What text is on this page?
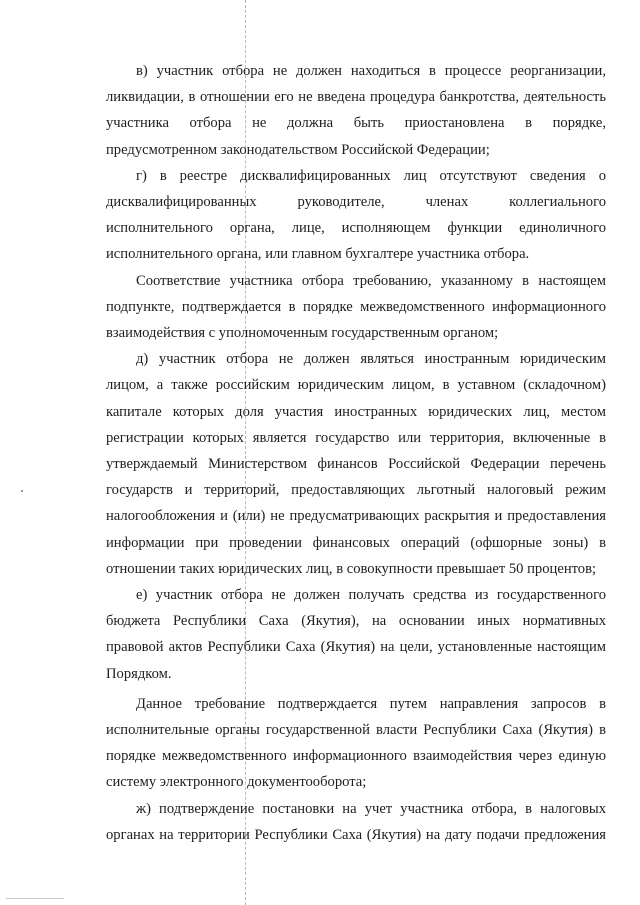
в) участник отбора не должен находиться в процессе реорганизации,

ликвидации, в отношении его не введена процедура банкротства, деятельность

участника отбора не должна быть приостановлена в порядке,

предусмотренном законодательством Российской Федерации;

г) в реестре дисквалифицированных лиц отсутствуют сведения о

дисквалифицированных руководителе, членах коллегиального

исполнительного органа, лице, исполняющем функции единоличного

исполнительного органа, или главном бухгалтере участника отбора.

Соответствие участника отбора требованию, указанному в настоящем

подпункте, подтверждается в порядке межведомственного информационного

взаимодействия с уполномоченным государственным органом;

д) участник отбора не должен являться иностранным юридическим

лицом, а также российским юридическим лицом, в уставном (складочном)

капитале которых доля участия иностранных юридических лиц, местом

регистрации которых является государство или территория, включенные в

утверждаемый Министерством финансов Российской Федерации перечень

государств и территорий, предоставляющих льготный налоговый режим

налогообложения и (или) не предусматривающих раскрытия и предоставления

информации при проведении финансовых операций (офшорные зоны) в

отношении таких юридических лиц, в совокупности превышает 50 процентов;

е) участник отбора не должен получать средства из государственного

бюджета Республики Саха (Якутия), на основании иных нормативных

правовой актов Республики Саха (Якутия) на цели, установленные настоящим

Порядком.

Данное требование подтверждается путем направления запросов в

исполнительные органы государственной власти Республики Саха (Якутия) в

порядке межведомственного информационного взаимодействия через единую

систему электронного документооборота;

ж) подтверждение постановки на учет участника отбора, в налоговых

органах на территории Республики Саха (Якутия) на дату подачи предложения
